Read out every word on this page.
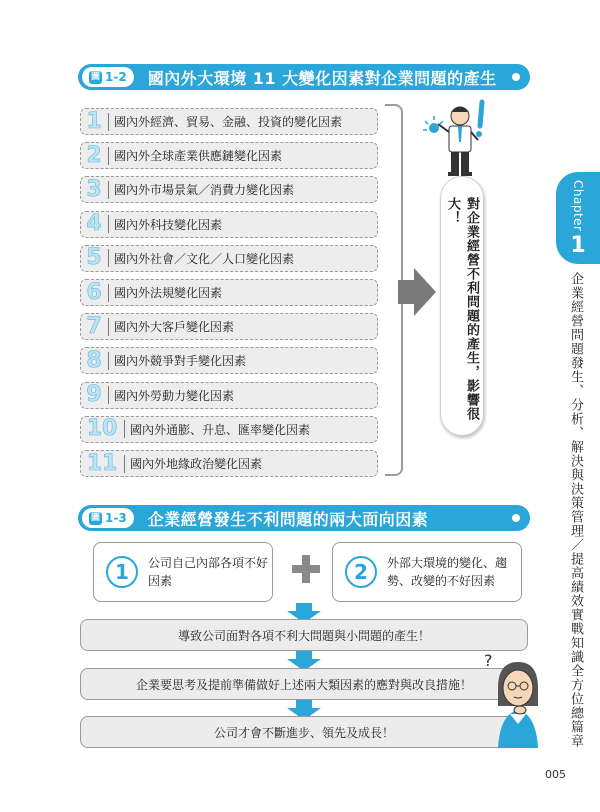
圖 1-2 國內外大環境 11 大變化因素對企業問題的產生
1	國內外經濟、貿易、金融、投資的變化因素
2	國內外全球產業供應鏈變化因素
3	國內外市場景氣／消費力變化因素
4	國內外科技變化因素
5	國內外社會／文化／人口變化因素
6	國內外法規變化因素
7	國內外大客戶變化因素
8	國內外競爭對手變化因素
9	國內外勞動力變化因素
10	國內外通膨、升息、匯率變化因素
11	國內外地緣政治變化因素
對企業經營不利問題的產生，影響很大！	Chapter
1
企業經營問題發生、分析、解決與決策管理／提高績效實戰知識全方位總篇章
圖 1-3 企業經營發生不利問題的兩大面向因素
1	公司自己內部各項不好因素	2	外部大環境的變化、趨勢、改變的不好因素
導致公司面對各項不利大問題與小問題的產生！
企業要思考及提前準備做好上述兩大類因素的應對與改良措施！
公司才會不斷進步、領先及成長！
?
005
